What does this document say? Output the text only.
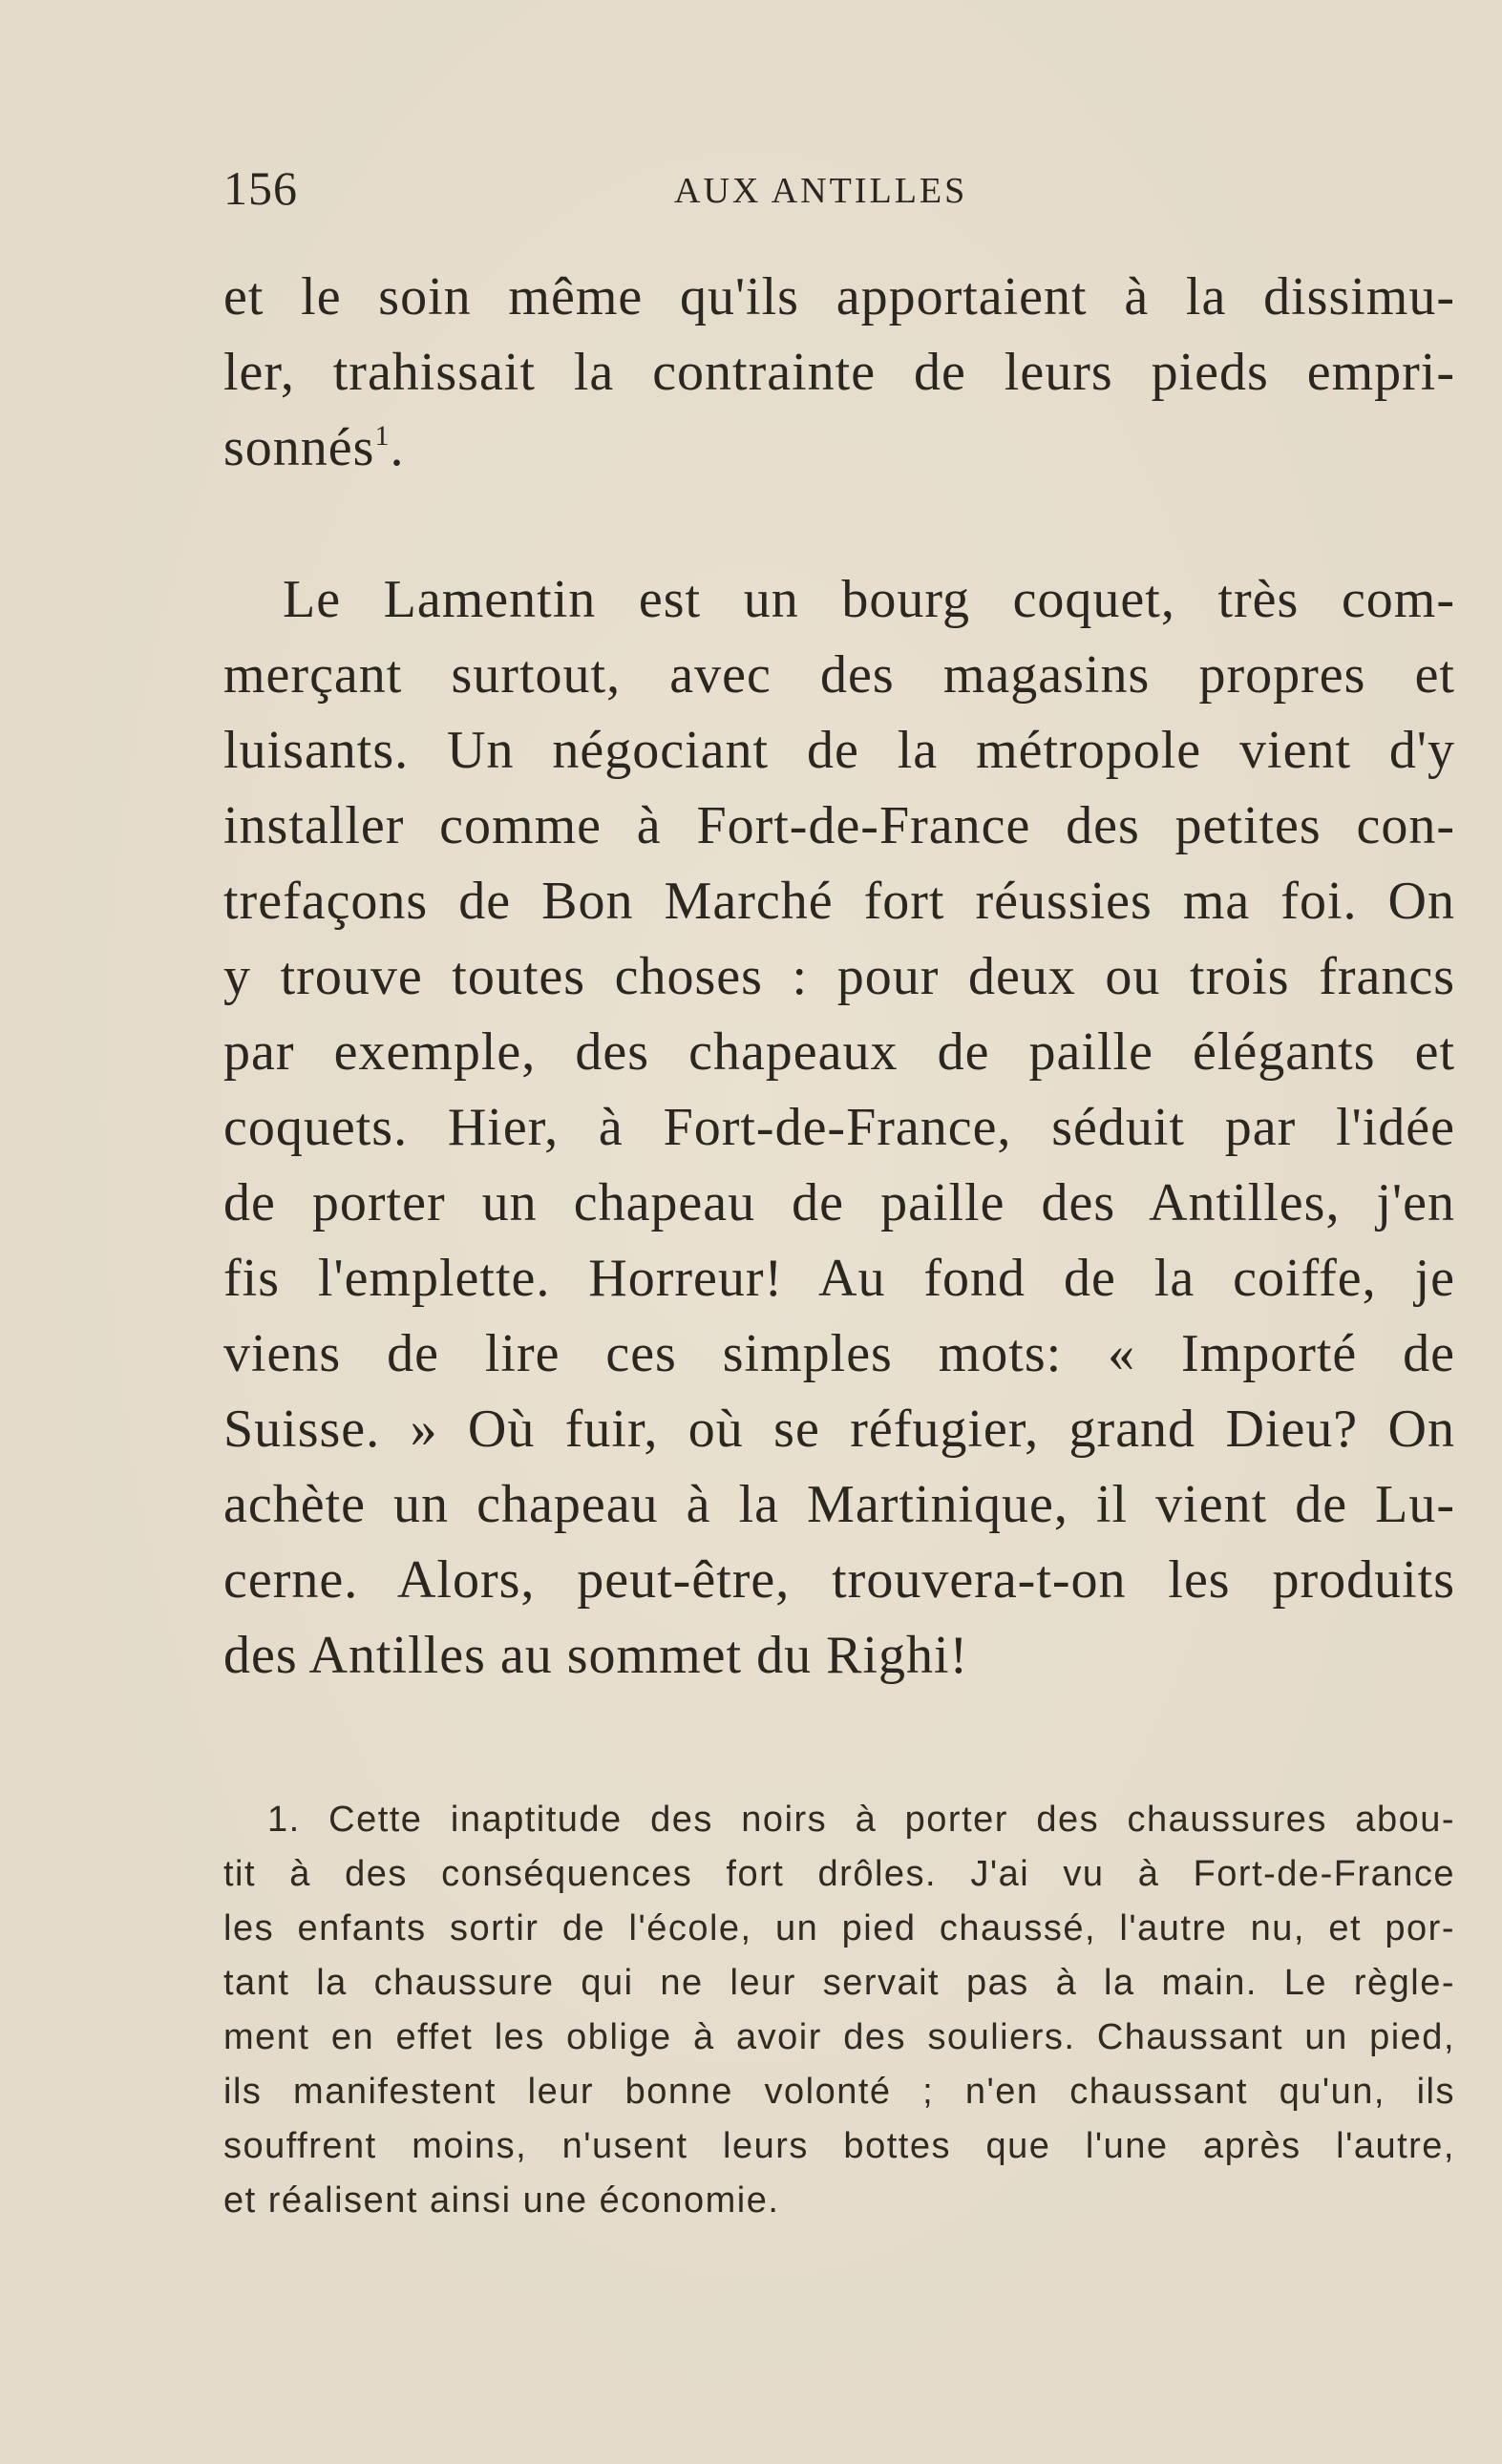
156	AUX ANTILLES
et le soin même qu'ils apportaient à la dissimu-
ler, trahissait la contrainte de leurs pieds empri-
sonnés$^1$.
Le Lamentin est un bourg coquet, très com-
merçant surtout, avec des magasins propres et
luisants. Un négociant de la métropole vient d'y
installer comme à Fort-de-France des petites con-
trefaçons de Bon Marché fort réussies ma foi. On
y trouve toutes choses : pour deux ou trois francs
par exemple, des chapeaux de paille élégants et
coquets. Hier, à Fort-de-France, séduit par l'idée
de porter un chapeau de paille des Antilles, j'en
fis l'emplette. Horreur! Au fond de la coiffe, je
viens de lire ces simples mots: « Importé de
Suisse. » Où fuir, où se réfugier, grand Dieu? On
achète un chapeau à la Martinique, il vient de Lu-
cerne. Alors, peut-être, trouvera-t-on les produits
des Antilles au sommet du Righi!
1. Cette inaptitude des noirs à porter des chaussures abou-
tit à des conséquences fort drôles. J'ai vu à Fort-de-France
les enfants sortir de l'école, un pied chaussé, l'autre nu, et por-
tant la chaussure qui ne leur servait pas à la main. Le règle-
ment en effet les oblige à avoir des souliers. Chaussant un pied,
ils manifestent leur bonne volonté ; n'en chaussant qu'un, ils
souffrent moins, n'usent leurs bottes que l'une après l'autre,
et réalisent ainsi une économie.
